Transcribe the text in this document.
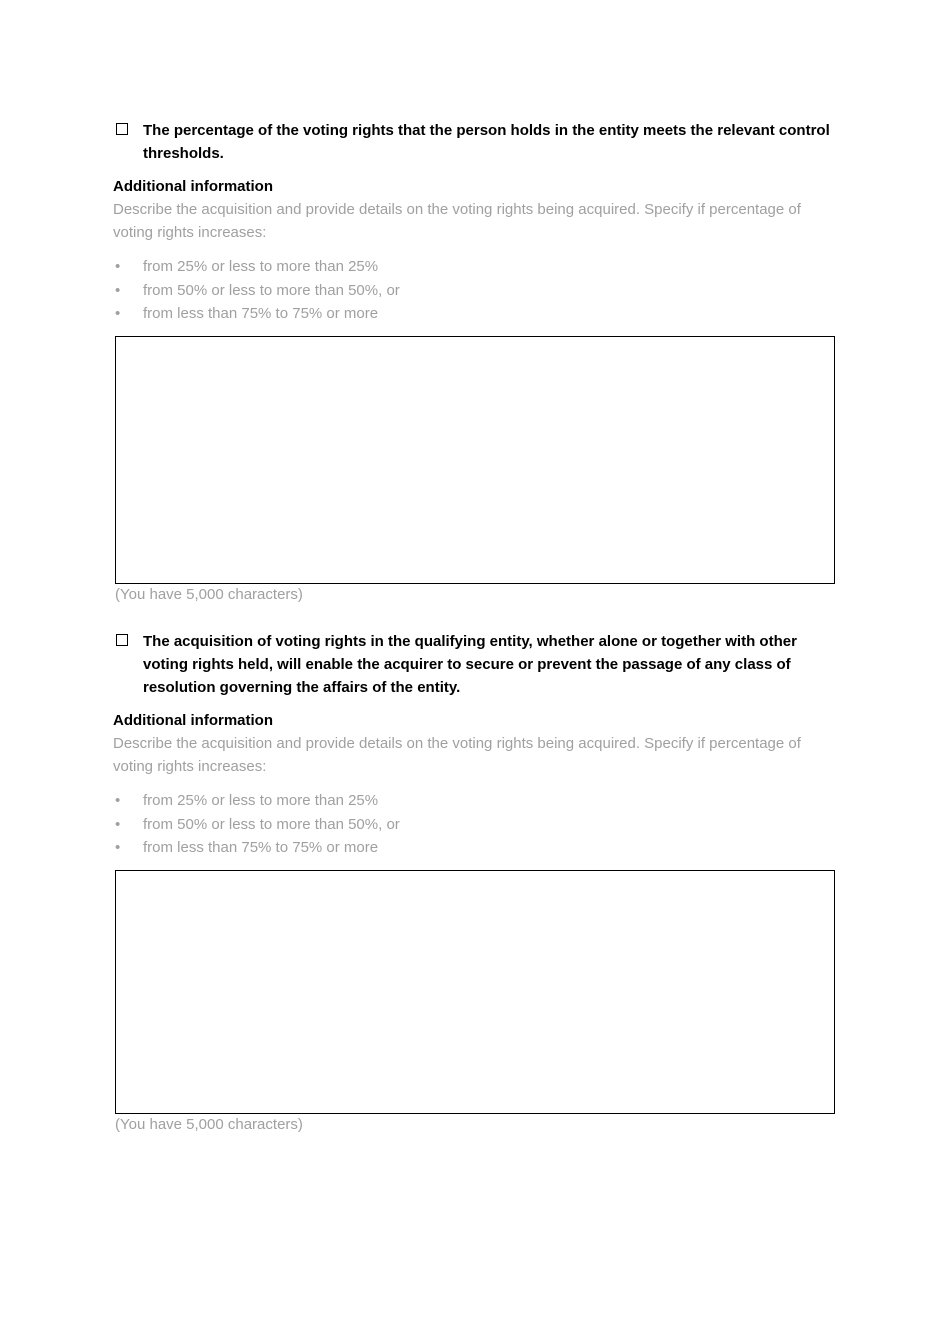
The percentage of the voting rights that the person holds in the entity meets the relevant control thresholds.
Additional information
Describe the acquisition and provide details on the voting rights being acquired. Specify if percentage of voting rights increases:
• from 25% or less to more than 25%
• from 50% or less to more than 50%, or
• from less than 75% to 75% or more
(You have 5,000 characters)
The acquisition of voting rights in the qualifying entity, whether alone or together with other voting rights held, will enable the acquirer to secure or prevent the passage of any class of resolution governing the affairs of the entity.
Additional information
Describe the acquisition and provide details on the voting rights being acquired. Specify if percentage of voting rights increases:
• from 25% or less to more than 25%
• from 50% or less to more than 50%, or
• from less than 75% to 75% or more
(You have 5,000 characters)
